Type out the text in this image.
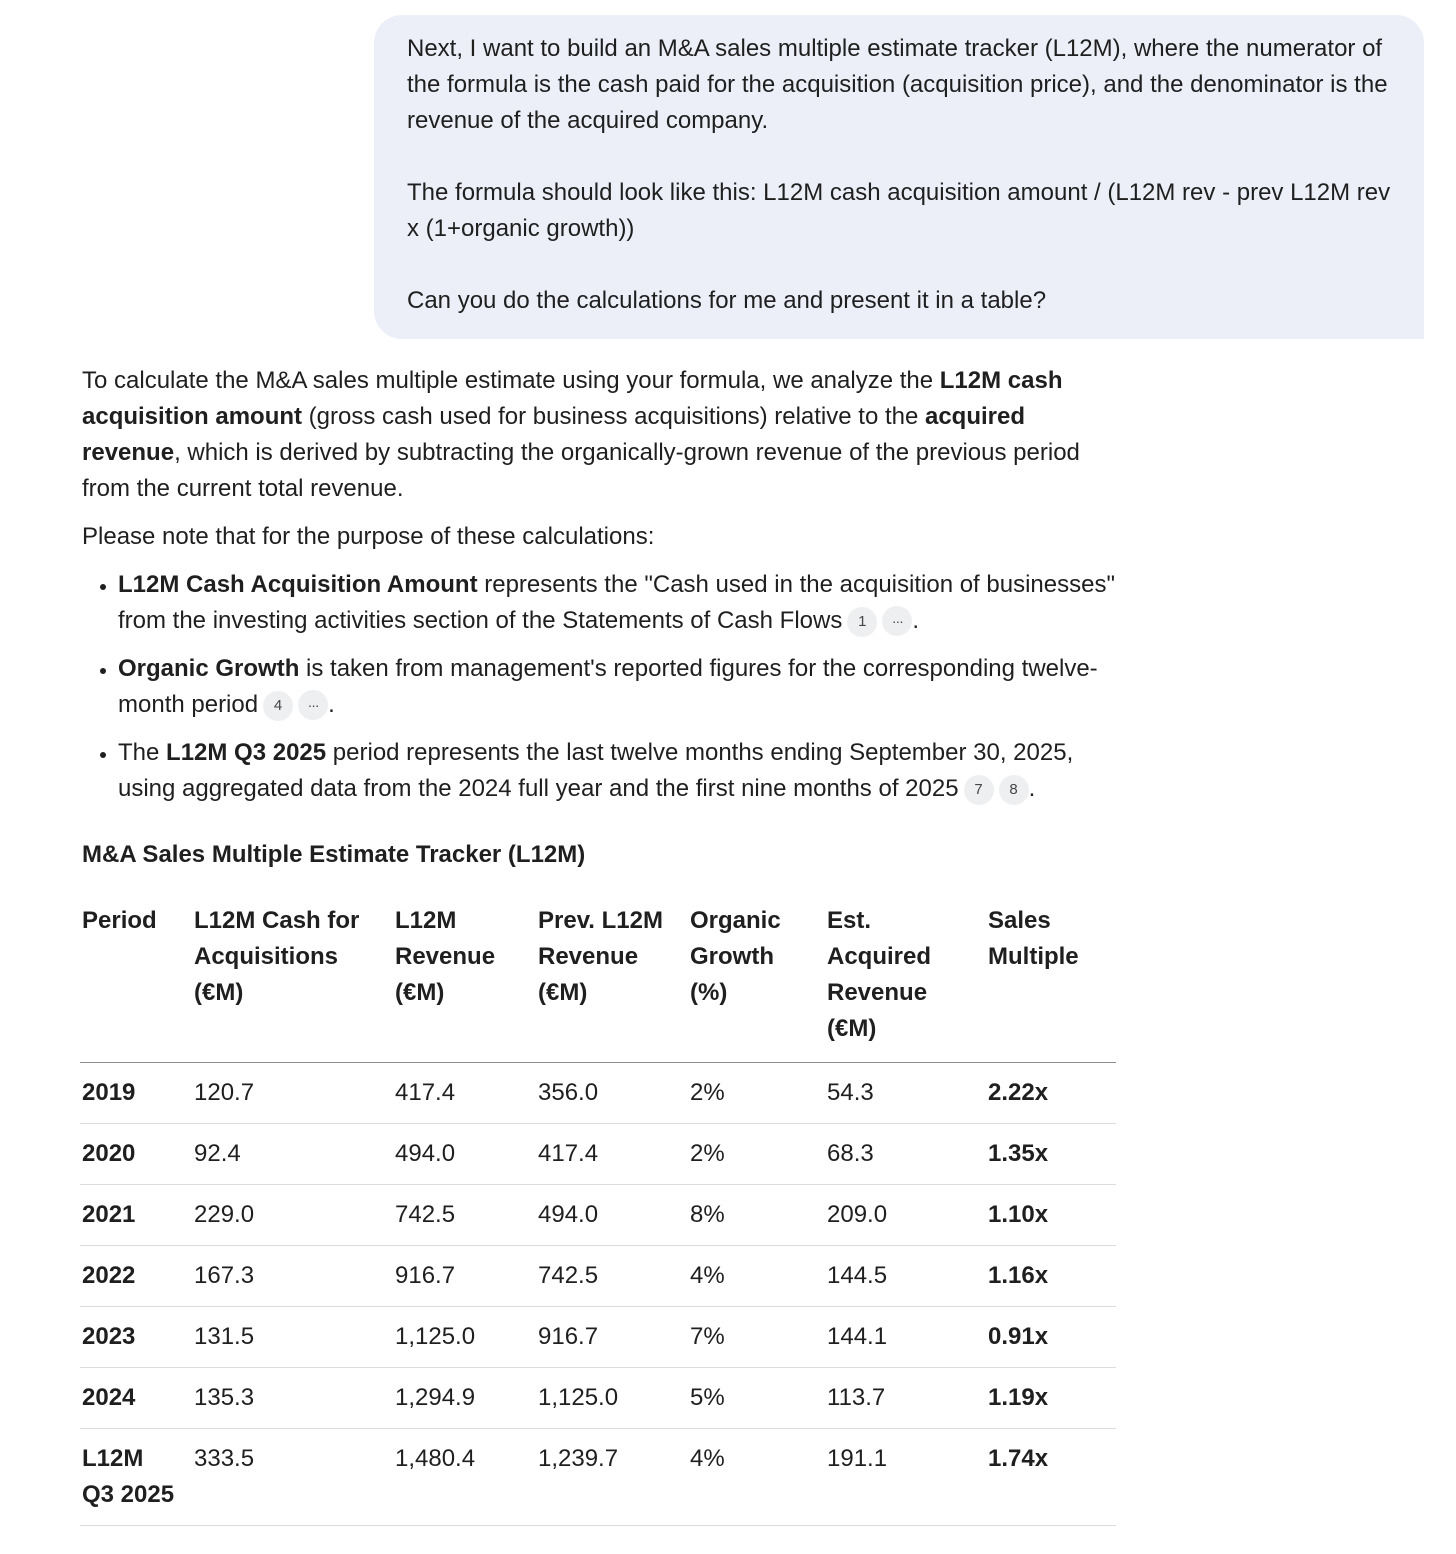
Next, I want to build an M&A sales multiple estimate tracker (L12M), where the numerator of the formula is the cash paid for the acquisition (acquisition price), and the denominator is the revenue of the acquired company.

The formula should look like this: L12M cash acquisition amount / (L12M rev - prev L12M rev x (1+organic growth))

Can you do the calculations for me and present it in a table?

To calculate the M&A sales multiple estimate using your formula, we analyze the L12M cash acquisition amount (gross cash used for business acquisitions) relative to the acquired revenue, which is derived by subtracting the organically-grown revenue of the previous period from the current total revenue.

Please note that for the purpose of these calculations:

• L12M Cash Acquisition Amount represents the "Cash used in the acquisition of businesses" from the investing activities section of the Statements of Cash Flows 1 ··· .
• Organic Growth is taken from management's reported figures for the corresponding twelve-month period 4 ··· .
• The L12M Q3 2025 period represents the last twelve months ending September 30, 2025, using aggregated data from the 2024 full year and the first nine months of 2025 7 8 .
M&A Sales Multiple Estimate Tracker (L12M)
Period	L12M Cash for Acquisitions (€M)	L12M Revenue (€M)	Prev. L12M Revenue (€M)	Organic Growth (%)	Est. Acquired Revenue (€M)	Sales Multiple
2019	120.7	417.4	356.0	2%	54.3	2.22x
2020	92.4	494.0	417.4	2%	68.3	1.35x
2021	229.0	742.5	494.0	8%	209.0	1.10x
2022	167.3	916.7	742.5	4%	144.5	1.16x
2023	131.5	1,125.0	916.7	7%	144.1	0.91x
2024	135.3	1,294.9	1,125.0	5%	113.7	1.19x
L12M Q3 2025	333.5	1,480.4	1,239.7	4%	191.1	1.74x
